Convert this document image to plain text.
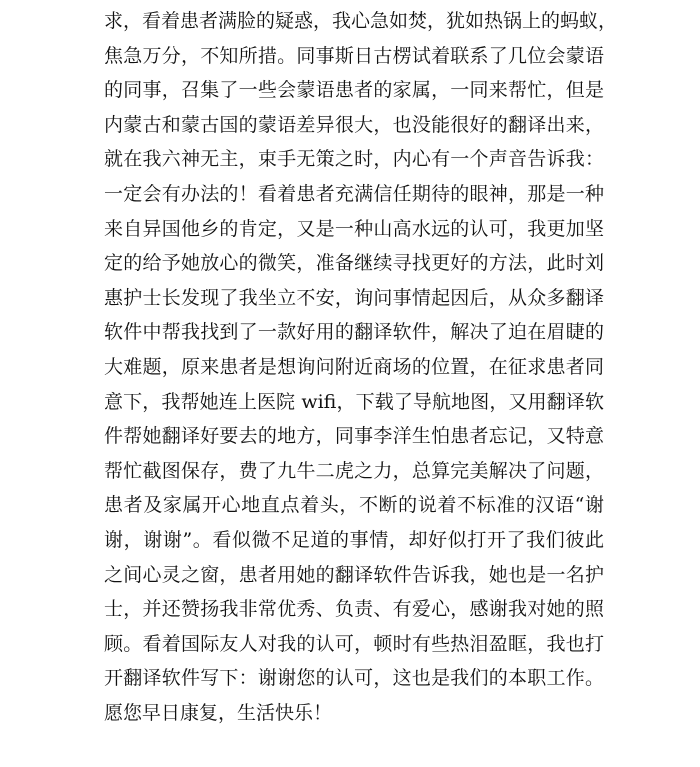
求，看着患者满脸的疑惑，我心急如焚，犹如热锅上的蚂蚁，
焦急万分，不知所措。同事斯日古楞试着联系了几位会蒙语
的同事，召集了一些会蒙语患者的家属，一同来帮忙，但是
内蒙古和蒙古国的蒙语差异很大，也没能很好的翻译出来，
就在我六神无主，束手无策之时，内心有一个声音告诉我：
一定会有办法的！看着患者充满信任期待的眼神，那是一种
来自异国他乡的肯定，又是一种山高水远的认可，我更加坚
定的给予她放心的微笑，准备继续寻找更好的方法，此时刘
惠护士长发现了我坐立不安，询问事情起因后，从众多翻译
软件中帮我找到了一款好用的翻译软件，解决了迫在眉睫的
大难题，原来患者是想询问附近商场的位置，在征求患者同
意下，我帮她连上医院 wifi，下载了导航地图，又用翻译软
件帮她翻译好要去的地方，同事李洋生怕患者忘记，又特意
帮忙截图保存，费了九牛二虎之力，总算完美解决了问题，
患者及家属开心地直点着头，不断的说着不标准的汉语“谢
谢，谢谢”。看似微不足道的事情，却好似打开了我们彼此
之间心灵之窗，患者用她的翻译软件告诉我，她也是一名护
士，并还赞扬我非常优秀、负责、有爱心，感谢我对她的照
顾。看着国际友人对我的认可，顿时有些热泪盈眶，我也打
开翻译软件写下：谢谢您的认可，这也是我们的本职工作。
愿您早日康复，生活快乐！
